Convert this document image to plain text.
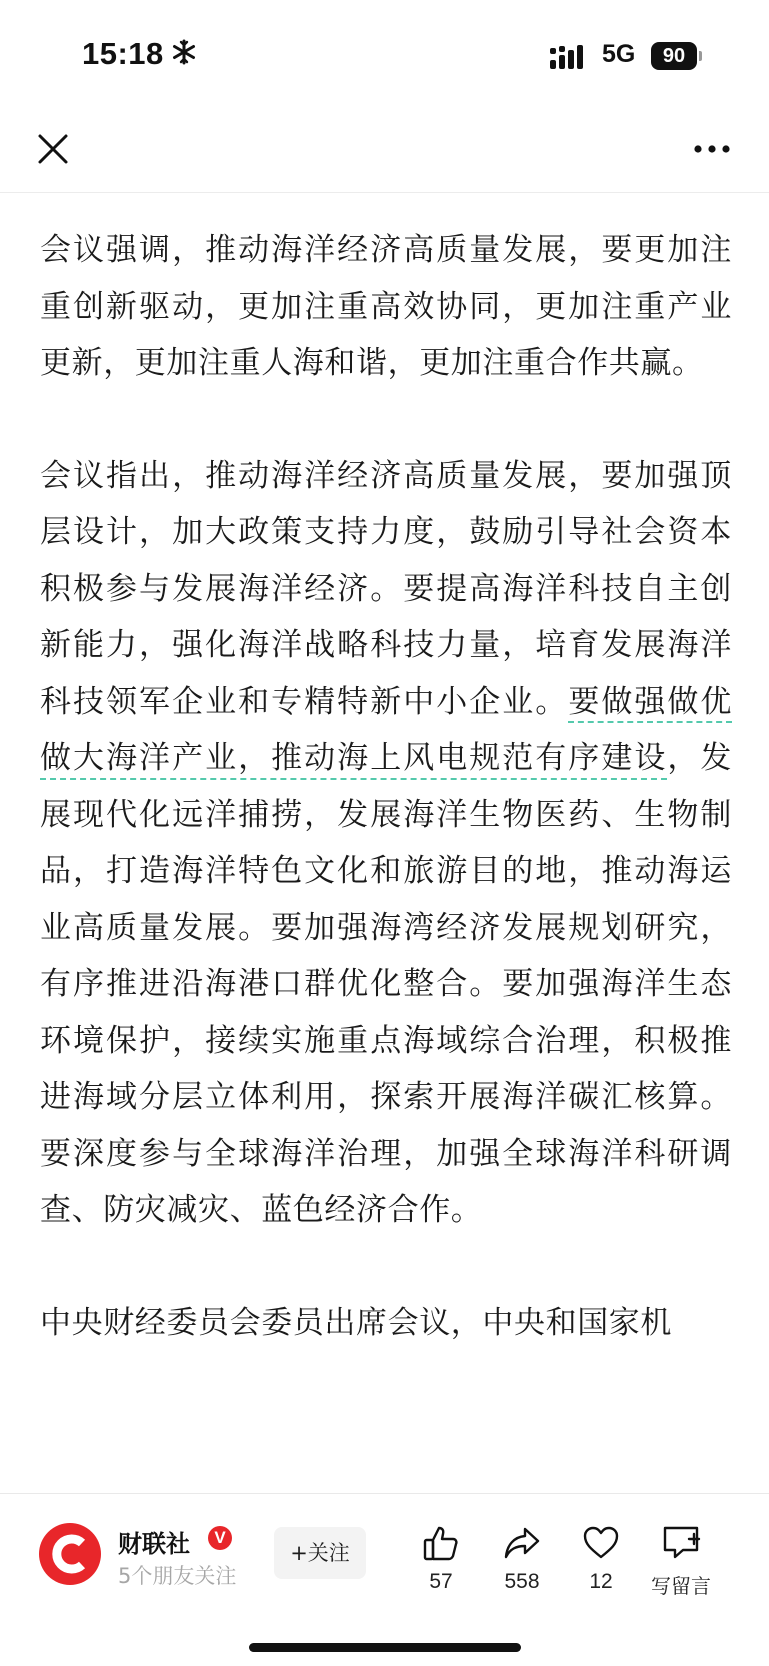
15:18	5G	90

会议强调，推动海洋经济高质量发展，要更加注重创新驱动，更加注重高效协同，更加注重产业更新，更加注重人海和谐，更加注重合作共赢。

会议指出，推动海洋经济高质量发展，要加强顶层设计，加大政策支持力度，鼓励引导社会资本积极参与发展海洋经济。要提高海洋科技自主创新能力，强化海洋战略科技力量，培育发展海洋科技领军企业和专精特新中小企业。要做强做优做大海洋产业，推动海上风电规范有序建设，发展现代化远洋捕捞，发展海洋生物医药、生物制品，打造海洋特色文化和旅游目的地，推动海运业高质量发展。要加强海湾经济发展规划研究，有序推进沿海港口群优化整合。要加强海洋生态环境保护，接续实施重点海域综合治理，积极推进海域分层立体利用，探索开展海洋碳汇核算。要深度参与全球海洋治理，加强全球海洋科研调查、防灾减灾、蓝色经济合作。

中央财经委员会委员出席会议，中央和国家机

财联社	V
5个朋友关注
+关注
57	558	12	写留言
